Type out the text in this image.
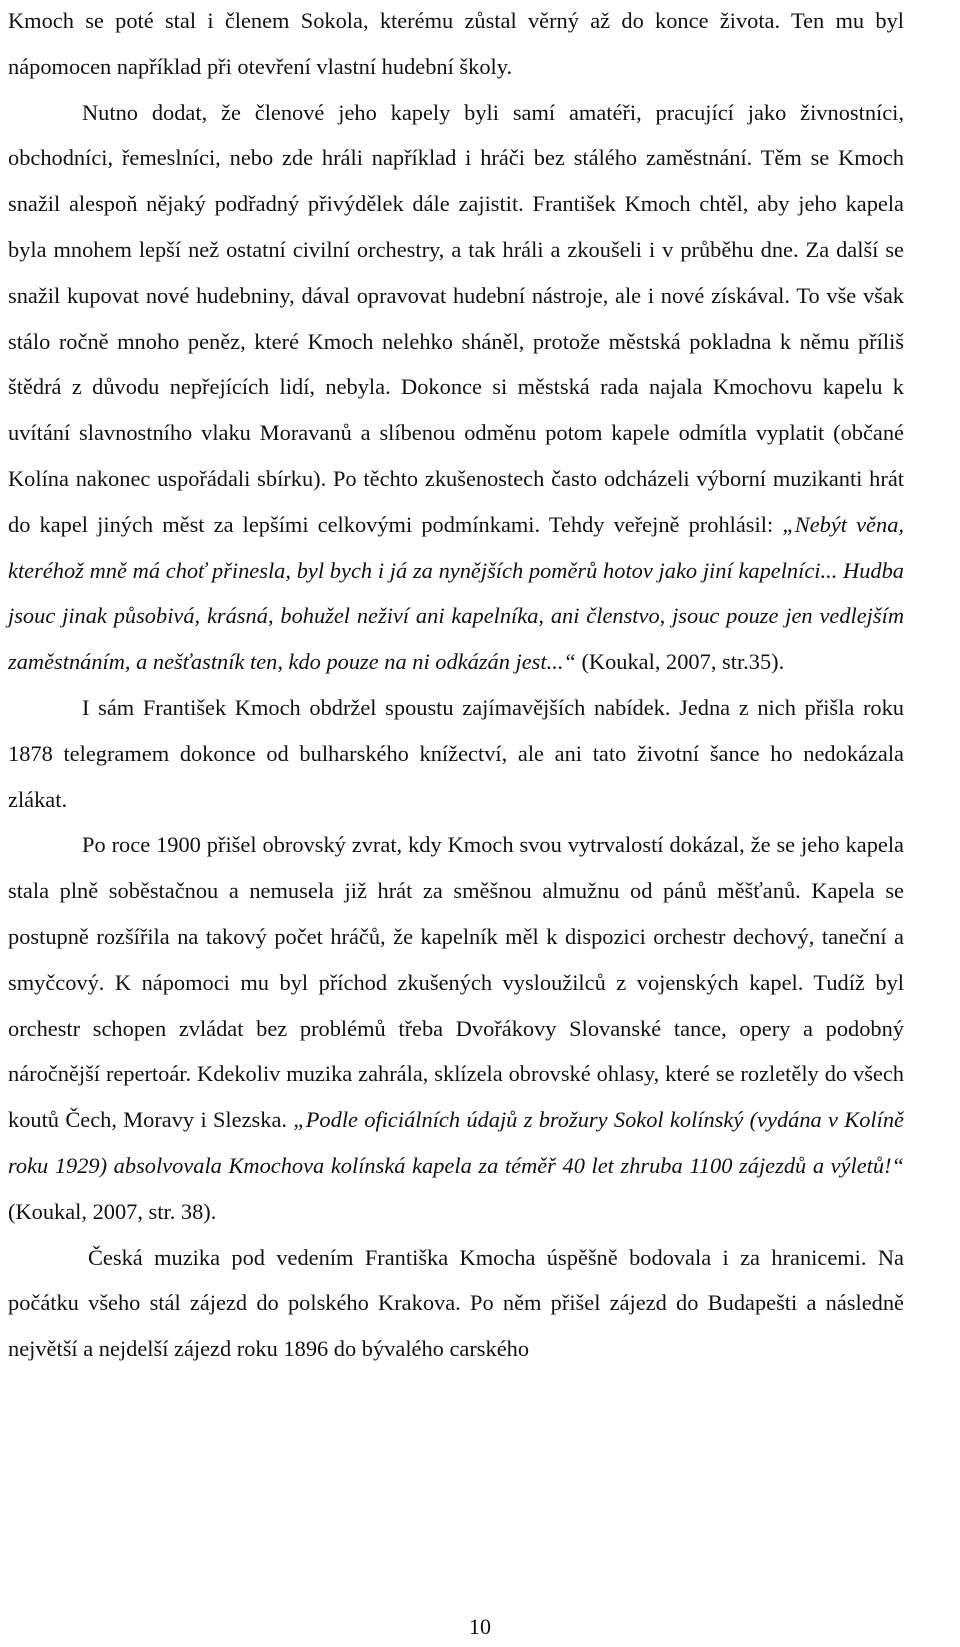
Kmoch se poté stal i členem Sokola, kterému zůstal věrný až do konce života. Ten mu byl nápomocen například při otevření vlastní hudební školy.

Nutno dodat, že členové jeho kapely byli samí amatéři, pracující jako živnostníci, obchodníci, řemeslníci, nebo zde hráli například i hráči bez stálého zaměstnání. Těm se Kmoch snažil alespoň nějaký podřadný přivýdělek dále zajistit. František Kmoch chtěl, aby jeho kapela byla mnohem lepší než ostatní civilní orchestry, a tak hráli a zkoušeli i v průběhu dne. Za další se snažil kupovat nové hudebniny, dával opravovat hudební nástroje, ale i nové získával. To vše však stálo ročně mnoho peněz, které Kmoch nelehko sháněl, protože městská pokladna k němu příliš štědrá z důvodu nepřejících lidí, nebyla. Dokonce si městská rada najala Kmochovu kapelu k uvítání slavnostního vlaku Moravanů a slíbenou odměnu potom kapele odmítla vyplatit (občané Kolína nakonec uspořádali sbírku). Po těchto zkušenostech často odcházeli výborní muzikanti hrát do kapel jiných měst za lepšími celkovými podmínkami. Tehdy veřejně prohlásil: „Nebýt věna, kteréhož mně má choť přinesla, byl bych i já za nynějších poměrů hotov jako jiní kapelníci... Hudba jsouc jinak působivá, krásná, bohužel neživí ani kapelníka, ani členstvo, jsouc pouze jen vedlejším zaměstnáním, a nešťastník ten, kdo pouze na ni odkázán jest...“ (Koukal, 2007, str.35).

I sám František Kmoch obdržel spoustu zajímavějších nabídek. Jedna z nich přišla roku 1878 telegramem dokonce od bulharského knížectví, ale ani tato životní šance ho nedokázala zlákat.

Po roce 1900 přišel obrovský zvrat, kdy Kmoch svou vytrvalostí dokázal, že se jeho kapela stala plně soběstačnou a nemusela již hrát za směšnou almužnu od pánů měšťanů. Kapela se postupně rozšířila na takový počet hráčů, že kapelník měl k dispozici orchestr dechový, taneční a smyčcový. K nápomoci mu byl příchod zkušených vysloužilců z vojenských kapel. Tudíž byl orchestr schopen zvládat bez problémů třeba Dvořákovy Slovanské tance, opery a podobný náročnější repertoár. Kdekoliv muzika zahrála, sklízela obrovské ohlasy, které se rozletěly do všech koutů Čech, Moravy i Slezska. „Podle oficiálních údajů z brožury Sokol kolínský (vydána v Kolíně roku 1929) absolvovala Kmochova kolínská kapela za téměř 40 let zhruba 1100 zájezdů a výletů!“ (Koukal, 2007, str. 38).

Česká muzika pod vedením Františka Kmocha úspěšně bodovala i za hranicemi. Na počátku všeho stál zájezd do polského Krakova. Po něm přišel zájezd do Budapešti a následně největší a nejdelší zájezd roku 1896 do bývalého carského

10
